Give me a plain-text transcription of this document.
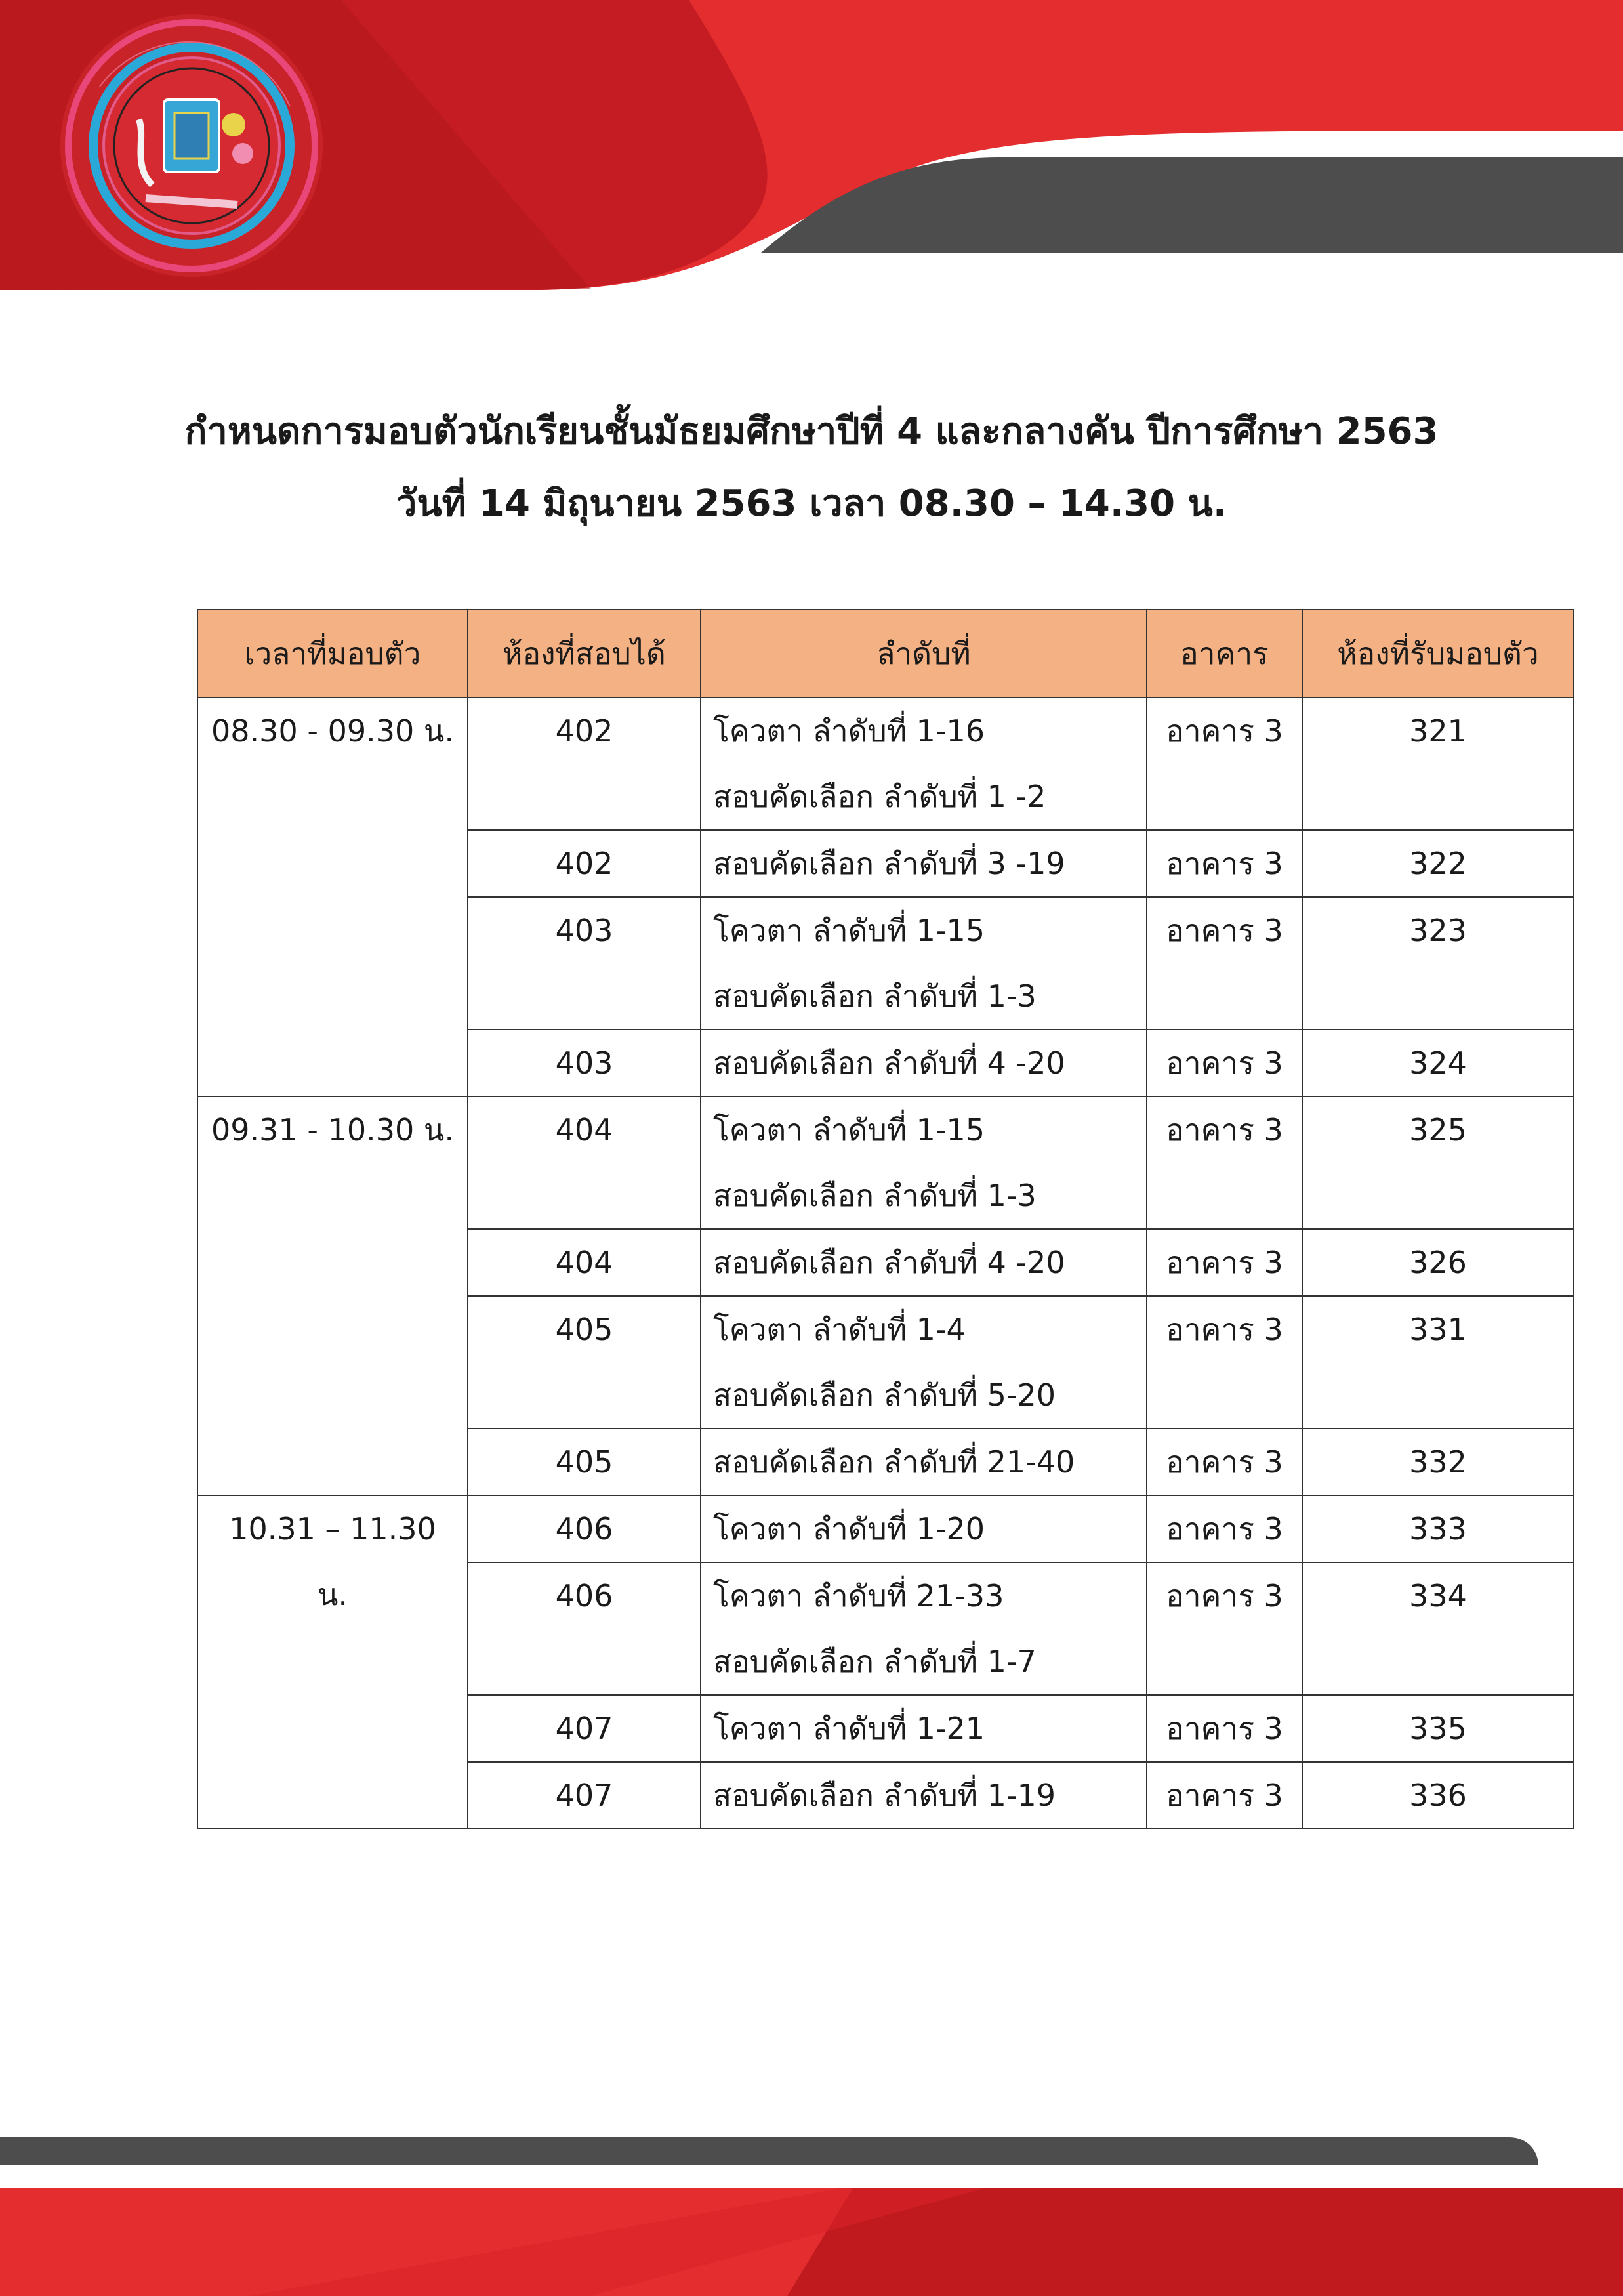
กำหนดการมอบตัวนักเรียนชั้นมัธยมศึกษาปีที่ 4 และกลางคัน ปีการศึกษา 2563
วันที่ 14 มิถุนายน 2563 เวลา 08.30 – 14.30 น.
เวลาที่มอบตัว	ห้องที่สอบได้	ลำดับที่	อาคาร	ห้องที่รับมอบตัว
08.30 - 09.30 น.	402	โควตา ลำดับที่ 1-16
สอบคัดเลือก ลำดับที่ 1 -2	อาคาร 3	321
	402	สอบคัดเลือก ลำดับที่ 3 -19	อาคาร 3	322
	403	โควตา ลำดับที่ 1-15
สอบคัดเลือก ลำดับที่ 1-3	อาคาร 3	323
	403	สอบคัดเลือก ลำดับที่ 4 -20	อาคาร 3	324
09.31 - 10.30 น.	404	โควตา ลำดับที่ 1-15
สอบคัดเลือก ลำดับที่ 1-3	อาคาร 3	325
	404	สอบคัดเลือก ลำดับที่ 4 -20	อาคาร 3	326
	405	โควตา ลำดับที่ 1-4
สอบคัดเลือก ลำดับที่ 5-20	อาคาร 3	331
	405	สอบคัดเลือก ลำดับที่ 21-40	อาคาร 3	332
10.31 – 11.30 น.	406	โควตา ลำดับที่ 1-20	อาคาร 3	333
	406	โควตา ลำดับที่ 21-33
สอบคัดเลือก ลำดับที่ 1-7	อาคาร 3	334
	407	โควตา ลำดับที่ 1-21	อาคาร 3	335
	407	สอบคัดเลือก ลำดับที่ 1-19	อาคาร 3	336
